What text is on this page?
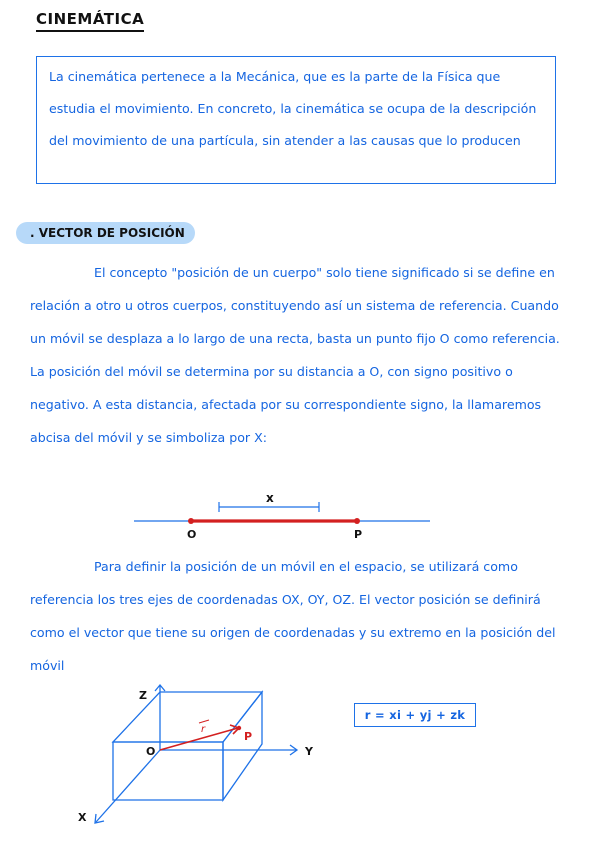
CINEMÁTICA

La cinemática pertenece a la Mecánica, que es la parte de la Física que estudia el movimiento. En concreto, la cinemática se ocupa de la descripción del movimiento de una partícula, sin atender a las causas que lo producen

. VECTOR DE POSICIÓN

El concepto "posición de un cuerpo" solo tiene significado si se define en relación a otro u otros cuerpos, constituyendo así un sistema de referencia. Cuando un móvil se desplaza a lo largo de una recta, basta un punto fijo O como referencia. La posición del móvil se determina por su distancia a O, con signo positivo o negativo. A esta distancia, afectada por su correspondiente signo, la llamaremos abcisa del móvil y se simboliza por X:

x
O	P

Para definir la posición de un móvil en el espacio, se utilizará como referencia los tres ejes de coordenadas OX, OY, OZ. El vector posición se definirá como el vector que tiene su origen de coordenadas y su extremo en la posición del móvil

Z
Y
X
O
P
r
r = xi + yj + zk
